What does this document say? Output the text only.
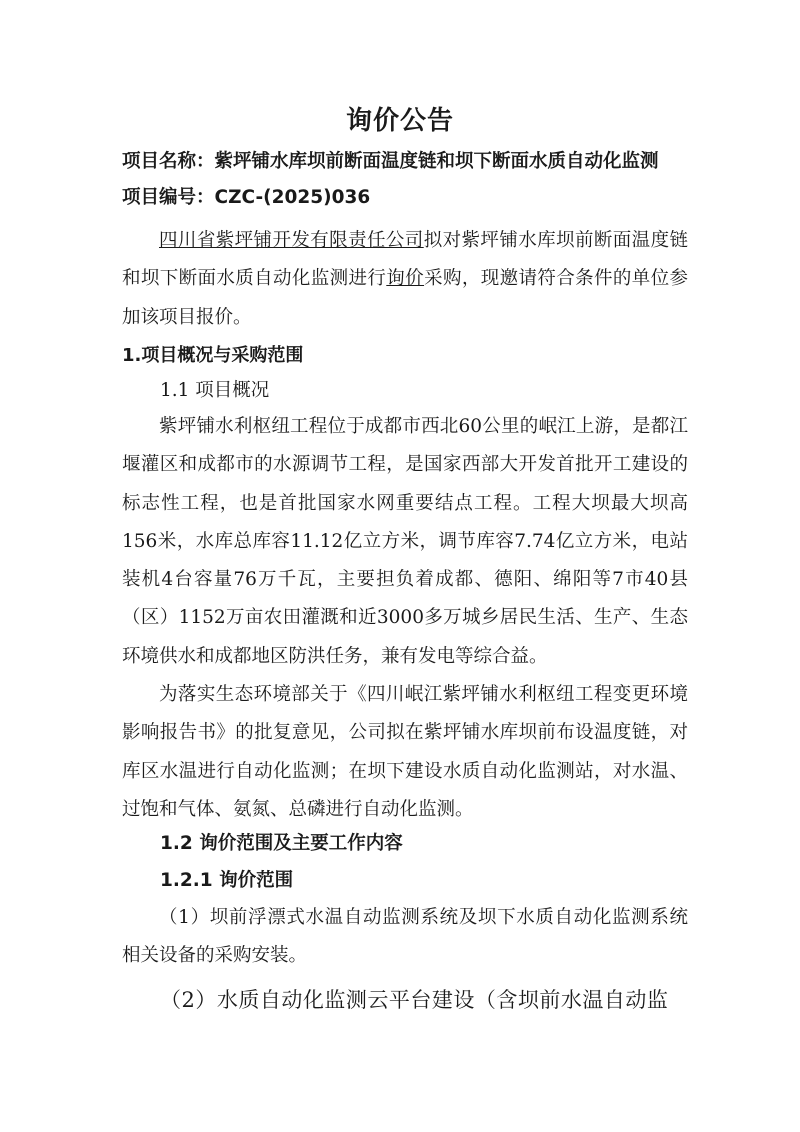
询价公告
项目名称：紫坪铺水库坝前断面温度链和坝下断面水质自动化监测
项目编号：CZC-(2025)036

四川省紫坪铺开发有限责任公司拟对紫坪铺水库坝前断面温度链和坝下断面水质自动化监测进行询价采购，现邀请符合条件的单位参加该项目报价。

1.项目概况与采购范围
1.1 项目概况

紫坪铺水利枢纽工程位于成都市西北60公里的岷江上游，是都江堰灌区和成都市的水源调节工程，是国家西部大开发首批开工建设的标志性工程，也是首批国家水网重要结点工程。工程大坝最大坝高156米，水库总库容11.12亿立方米，调节库容7.74亿立方米，电站装机4台容量76万千瓦，主要担负着成都、德阳、绵阳等7市40县（区）1152万亩农田灌溉和近3000多万城乡居民生活、生产、生态环境供水和成都地区防洪任务，兼有发电等综合益。

为落实生态环境部关于《四川岷江紫坪铺水利枢纽工程变更环境影响报告书》的批复意见，公司拟在紫坪铺水库坝前布设温度链，对库区水温进行自动化监测；在坝下建设水质自动化监测站，对水温、过饱和气体、氨氮、总磷进行自动化监测。

1.2 询价范围及主要工作内容
1.2.1 询价范围

（1）坝前浮漂式水温自动监测系统及坝下水质自动化监测系统相关设备的采购安装。

（2）水质自动化监测云平台建设（含坝前水温自动监
